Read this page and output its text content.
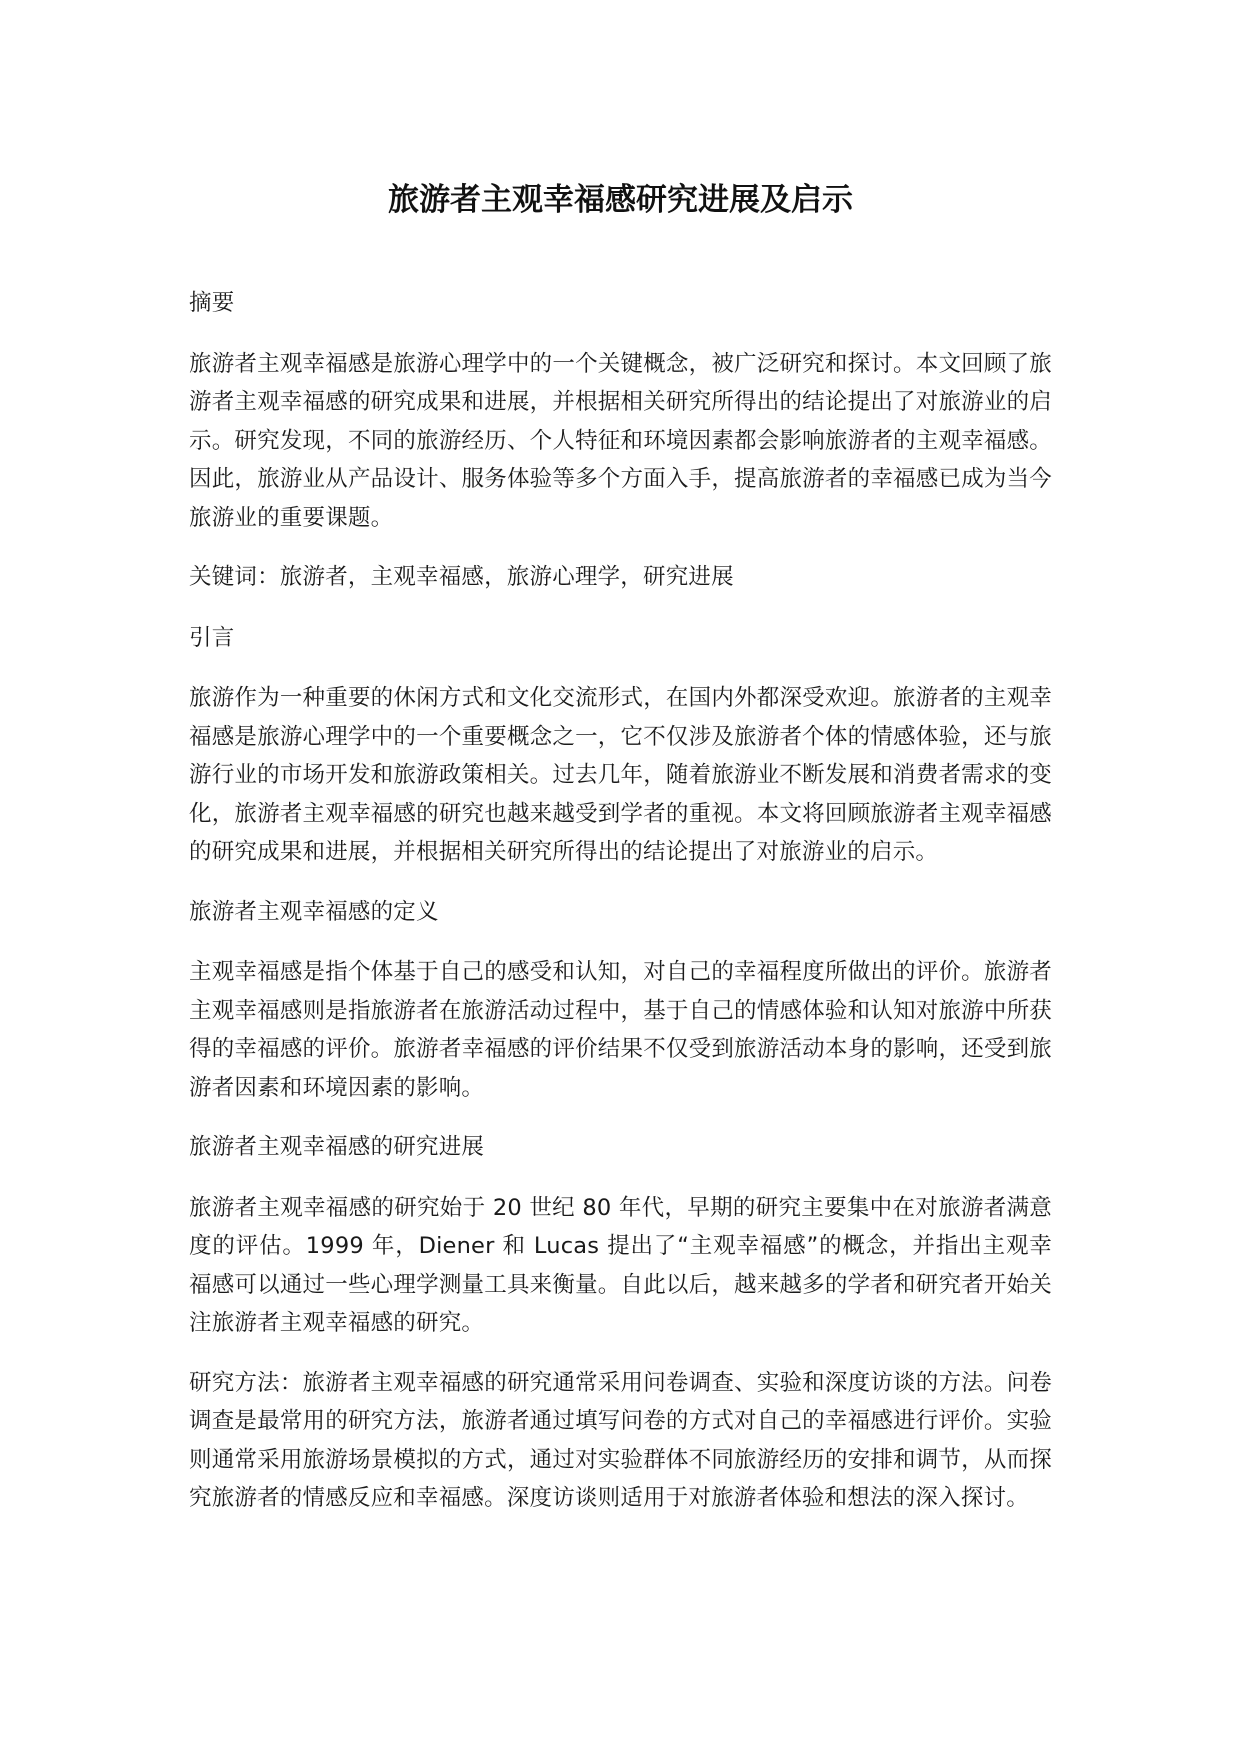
旅游者主观幸福感研究进展及启示

摘要

旅游者主观幸福感是旅游心理学中的一个关键概念，被广泛研究和探讨。本文回顾了旅游者主观幸福感的研究成果和进展，并根据相关研究所得出的结论提出了对旅游业的启示。研究发现，不同的旅游经历、个人特征和环境因素都会影响旅游者的主观幸福感。因此，旅游业从产品设计、服务体验等多个方面入手，提高旅游者的幸福感已成为当今旅游业的重要课题。

关键词：旅游者，主观幸福感，旅游心理学，研究进展

引言

旅游作为一种重要的休闲方式和文化交流形式，在国内外都深受欢迎。旅游者的主观幸福感是旅游心理学中的一个重要概念之一，它不仅涉及旅游者个体的情感体验，还与旅游行业的市场开发和旅游政策相关。过去几年，随着旅游业不断发展和消费者需求的变化，旅游者主观幸福感的研究也越来越受到学者的重视。本文将回顾旅游者主观幸福感的研究成果和进展，并根据相关研究所得出的结论提出了对旅游业的启示。

旅游者主观幸福感的定义

主观幸福感是指个体基于自己的感受和认知，对自己的幸福程度所做出的评价。旅游者主观幸福感则是指旅游者在旅游活动过程中，基于自己的情感体验和认知对旅游中所获得的幸福感的评价。旅游者幸福感的评价结果不仅受到旅游活动本身的影响，还受到旅游者因素和环境因素的影响。

旅游者主观幸福感的研究进展

旅游者主观幸福感的研究始于 20 世纪 80 年代，早期的研究主要集中在对旅游者满意度的评估。1999 年，Diener 和 Lucas 提出了“主观幸福感”的概念，并指出主观幸福感可以通过一些心理学测量工具来衡量。自此以后，越来越多的学者和研究者开始关注旅游者主观幸福感的研究。

研究方法：旅游者主观幸福感的研究通常采用问卷调查、实验和深度访谈的方法。问卷调查是最常用的研究方法，旅游者通过填写问卷的方式对自己的幸福感进行评价。实验则通常采用旅游场景模拟的方式，通过对实验群体不同旅游经历的安排和调节，从而探究旅游者的情感反应和幸福感。深度访谈则适用于对旅游者体验和想法的深入探讨。
